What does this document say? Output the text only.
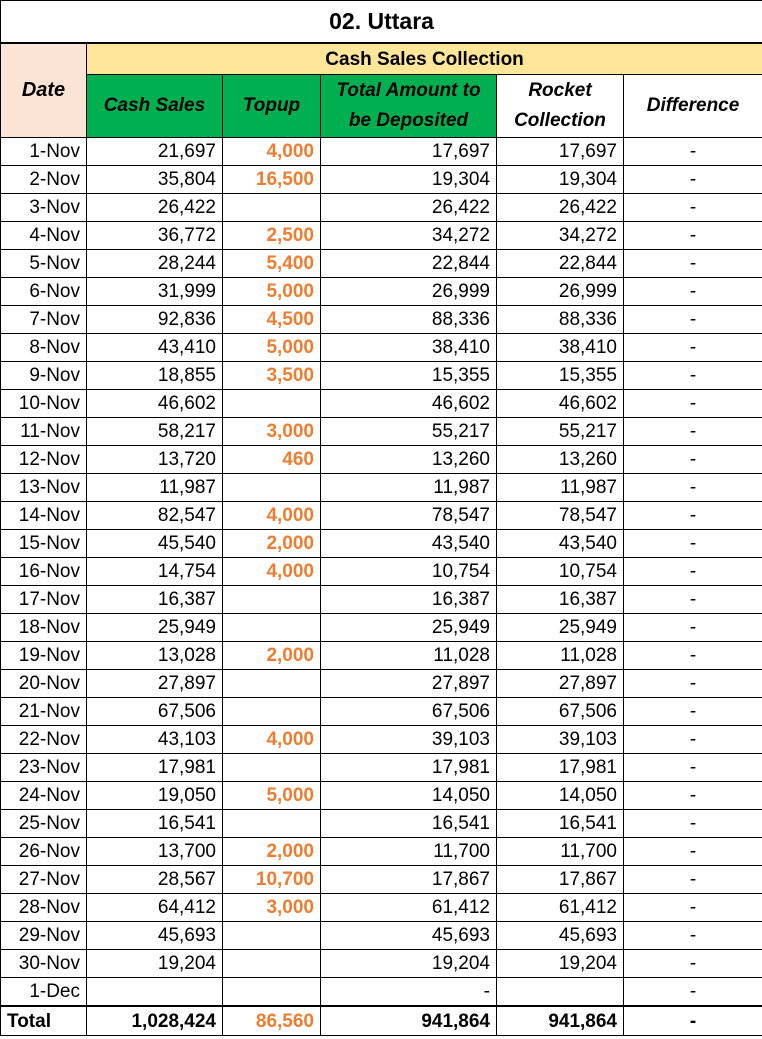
02. Uttara					
Date	Cash Sales Collection				
	Cash Sales	Topup	Total Amount to be Deposited	Rocket Collection	Difference
1-Nov	21,697	4,000	17,697	17,697	-
2-Nov	35,804	16,500	19,304	19,304	-
3-Nov	26,422		26,422	26,422	-
4-Nov	36,772	2,500	34,272	34,272	-
5-Nov	28,244	5,400	22,844	22,844	-
6-Nov	31,999	5,000	26,999	26,999	-
7-Nov	92,836	4,500	88,336	88,336	-
8-Nov	43,410	5,000	38,410	38,410	-
9-Nov	18,855	3,500	15,355	15,355	-
10-Nov	46,602		46,602	46,602	-
11-Nov	58,217	3,000	55,217	55,217	-
12-Nov	13,720	460	13,260	13,260	-
13-Nov	11,987		11,987	11,987	-
14-Nov	82,547	4,000	78,547	78,547	-
15-Nov	45,540	2,000	43,540	43,540	-
16-Nov	14,754	4,000	10,754	10,754	-
17-Nov	16,387		16,387	16,387	-
18-Nov	25,949		25,949	25,949	-
19-Nov	13,028	2,000	11,028	11,028	-
20-Nov	27,897		27,897	27,897	-
21-Nov	67,506		67,506	67,506	-
22-Nov	43,103	4,000	39,103	39,103	-
23-Nov	17,981		17,981	17,981	-
24-Nov	19,050	5,000	14,050	14,050	-
25-Nov	16,541		16,541	16,541	-
26-Nov	13,700	2,000	11,700	11,700	-
27-Nov	28,567	10,700	17,867	17,867	-
28-Nov	64,412	3,000	61,412	61,412	-
29-Nov	45,693		45,693	45,693	-
30-Nov	19,204		19,204	19,204	-
1-Dec			-		-
Total	1,028,424	86,560	941,864	941,864	-
